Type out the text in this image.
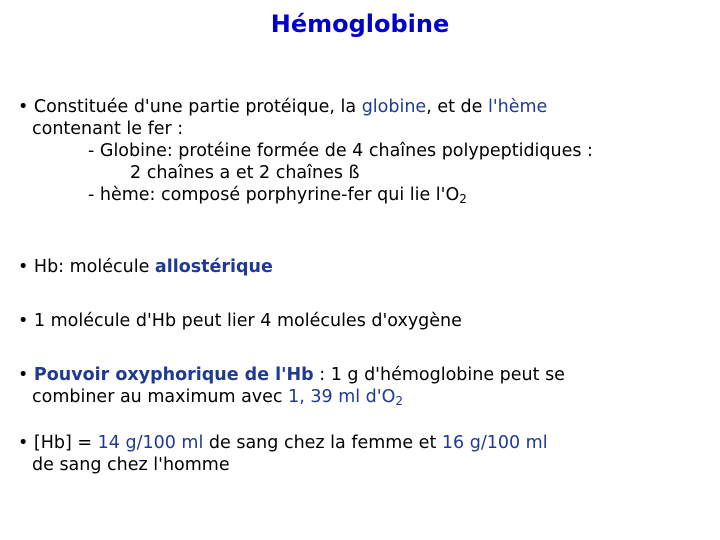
Hémoglobine
• Constituée d'une partie protéique, la globine, et de l'hème
contenant le fer :
- Globine: protéine formée de 4 chaînes polypeptidiques :
2 chaînes a et 2 chaînes ß
- hème: composé porphyrine-fer qui lie $l'O_2$
• Hb: molécule allostérique
• 1 molécule d'Hb peut lier 4 molécules d'oxygène
• Pouvoir oxyphorique de l'Hb : 1 g d'hémoglobine peut se
combiner au maximum avec 1, 39 ml $d'O_2$
• [Hb] = 14 g/100 ml de sang chez la femme et 16 g/100 ml
de sang chez l'homme
